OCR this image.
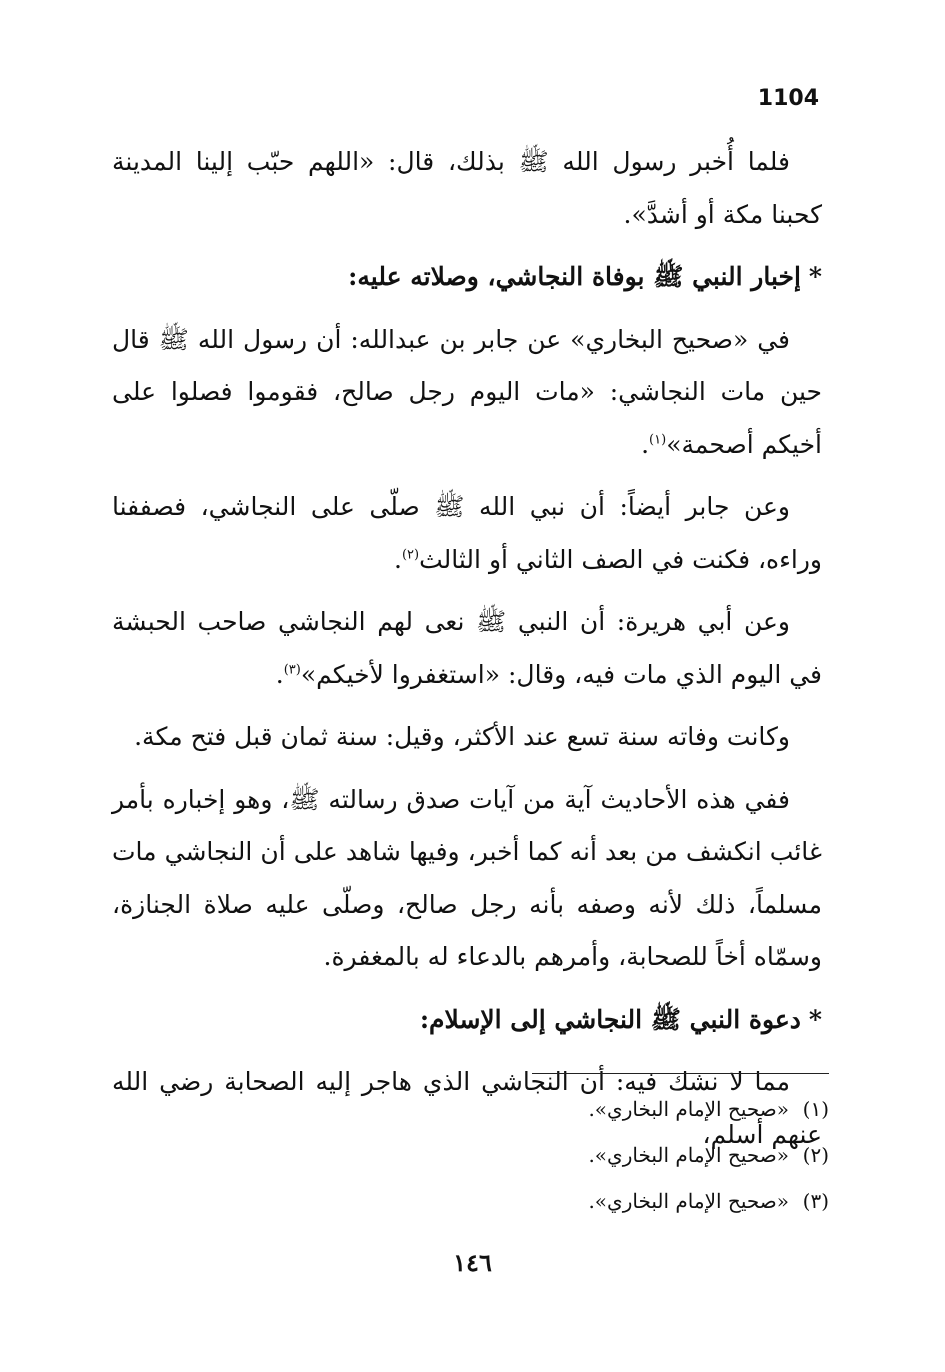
1104

فلما أُخبر رسول الله ﷺ بذلك، قال: «اللهم حبّب إلينا المدينة كحبنا مكة أو أشدَّ».

*إخبار النبي ﷺ بوفاة النجاشي، وصلاته عليه:

في «صحيح البخاري» عن جابر بن عبدالله: أن رسول الله ﷺ قال حين مات النجاشي: «مات اليوم رجل صالح، فقوموا فصلوا على أخيكم أصحمة»$^{(١)}$.

وعن جابر أيضاً: أن نبي الله ﷺ صلّى على النجاشي، فصففنا وراءه، فكنت في الصف الثاني أو الثالث$^{(٢)}$.

وعن أبي هريرة: أن النبي ﷺ نعى لهم النجاشي صاحب الحبشة في اليوم الذي مات فيه، وقال: «استغفروا لأخيكم»$^{(٣)}$.

وكانت وفاته سنة تسع عند الأكثر، وقيل: سنة ثمان قبل فتح مكة.

ففي هذه الأحاديث آية من آيات صدق رسالته ﷺ، وهو إخباره بأمر غائب انكشف من بعد أنه كما أخبر، وفيها شاهد على أن النجاشي مات مسلماً، ذلك لأنه وصفه بأنه رجل صالح، وصلّى عليه صلاة الجنازة، وسمّاه أخاً للصحابة، وأمرهم بالدعاء له بالمغفرة.

*دعوة النبي ﷺ النجاشي إلى الإسلام:

مما لا نشك فيه: أن النجاشي الذي هاجر إليه الصحابة رضي الله عنهم أسلم،

(١)«صحيح الإمام البخاري».
(٢)«صحيح الإمام البخاري».
(٣)«صحيح الإمام البخاري».
١٤٦
